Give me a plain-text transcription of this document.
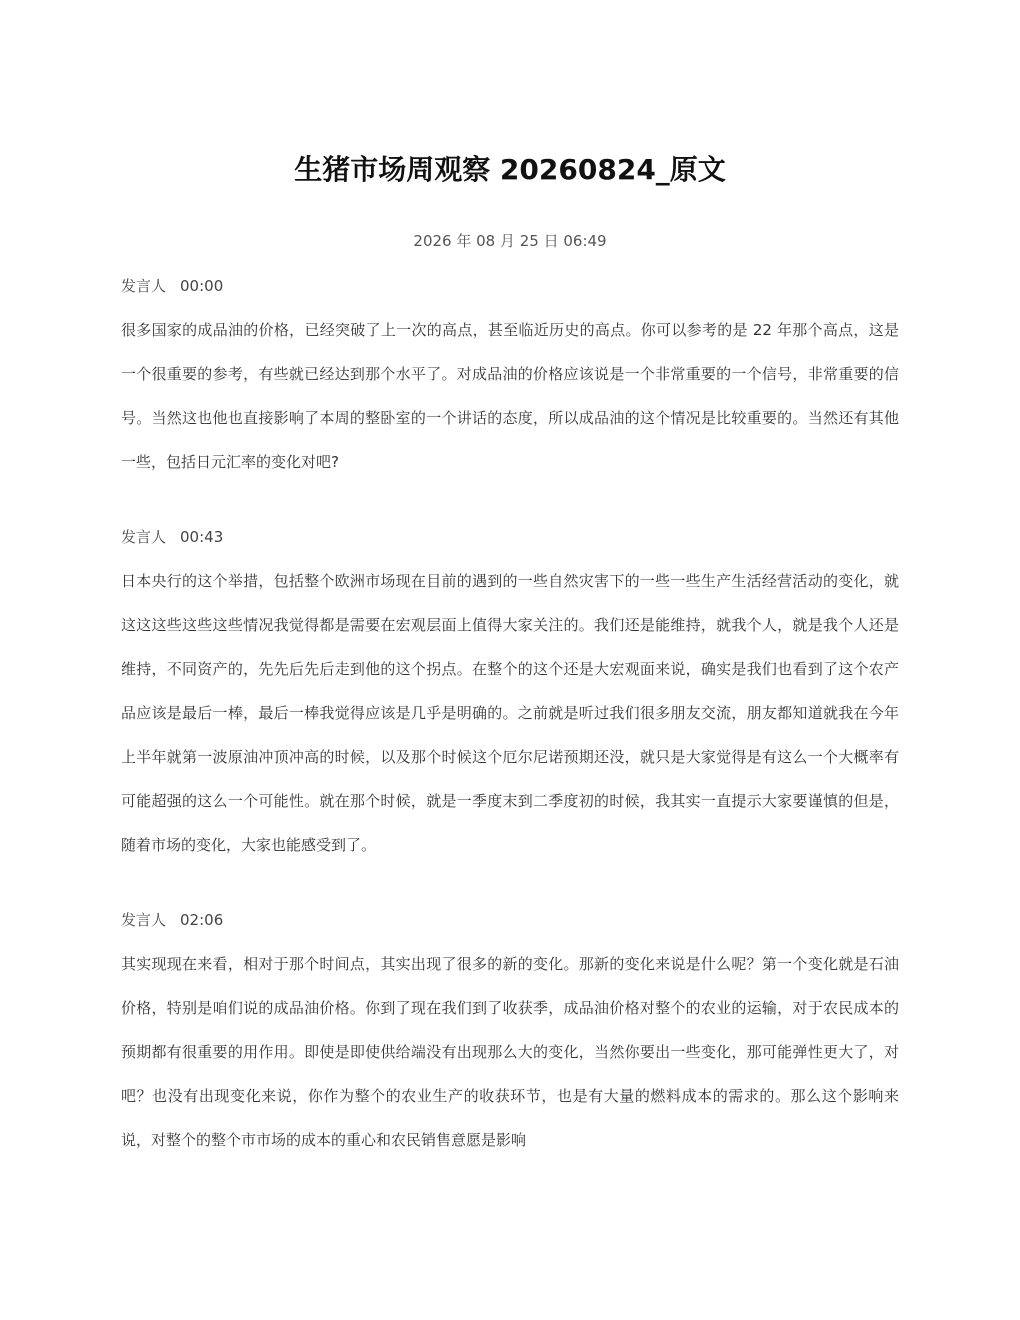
生猪市场周观察 20260824_原文
2026 年 08 月 25 日 06:49
发言人 00:00

很多国家的成品油的价格，已经突破了上一次的高点，甚至临近历史的高点。你可以参考的是 22 年那个高点，这是一个很重要的参考，有些就已经达到那个水平了。对成品油的价格应该说是一个非常重要的一个信号，非常重要的信号。当然这也他也直接影响了本周的整卧室的一个讲话的态度，所以成品油的这个情况是比较重要的。当然还有其他一些，包括日元汇率的变化对吧?

发言人 00:43

日本央行的这个举措，包括整个欧洲市场现在目前的遇到的一些自然灾害下的一些一些生产生活经营活动的变化，就这这这些这些这些情况我觉得都是需要在宏观层面上值得大家关注的。我们还是能维持，就我个人，就是我个人还是维持，不同资产的，先先后先后走到他的这个拐点。在整个的这个还是大宏观面来说，确实是我们也看到了这个农产品应该是最后一棒，最后一棒我觉得应该是几乎是明确的。之前就是听过我们很多朋友交流，朋友都知道就我在今年上半年就第一波原油冲顶冲高的时候，以及那个时候这个厄尔尼诺预期还没，就只是大家觉得是有这么一个大概率有可能超强的这么一个可能性。就在那个时候，就是一季度末到二季度初的时候，我其实一直提示大家要谨慎的但是，随着市场的变化，大家也能感受到了。

发言人 02:06

其实现现在来看，相对于那个时间点，其实出现了很多的新的变化。那新的变化来说是什么呢？第一个变化就是石油价格，特别是咱们说的成品油价格。你到了现在我们到了收获季，成品油价格对整个的农业的运输，对于农民成本的预期都有很重要的用作用。即使是即使供给端没有出现那么大的变化，当然你要出一些变化，那可能弹性更大了，对吧？也没有出现变化来说，你作为整个的农业生产的收获环节，也是有大量的燃料成本的需求的。那么这个影响来说，对整个的整个市市场的成本的重心和农民销售意愿是影响
